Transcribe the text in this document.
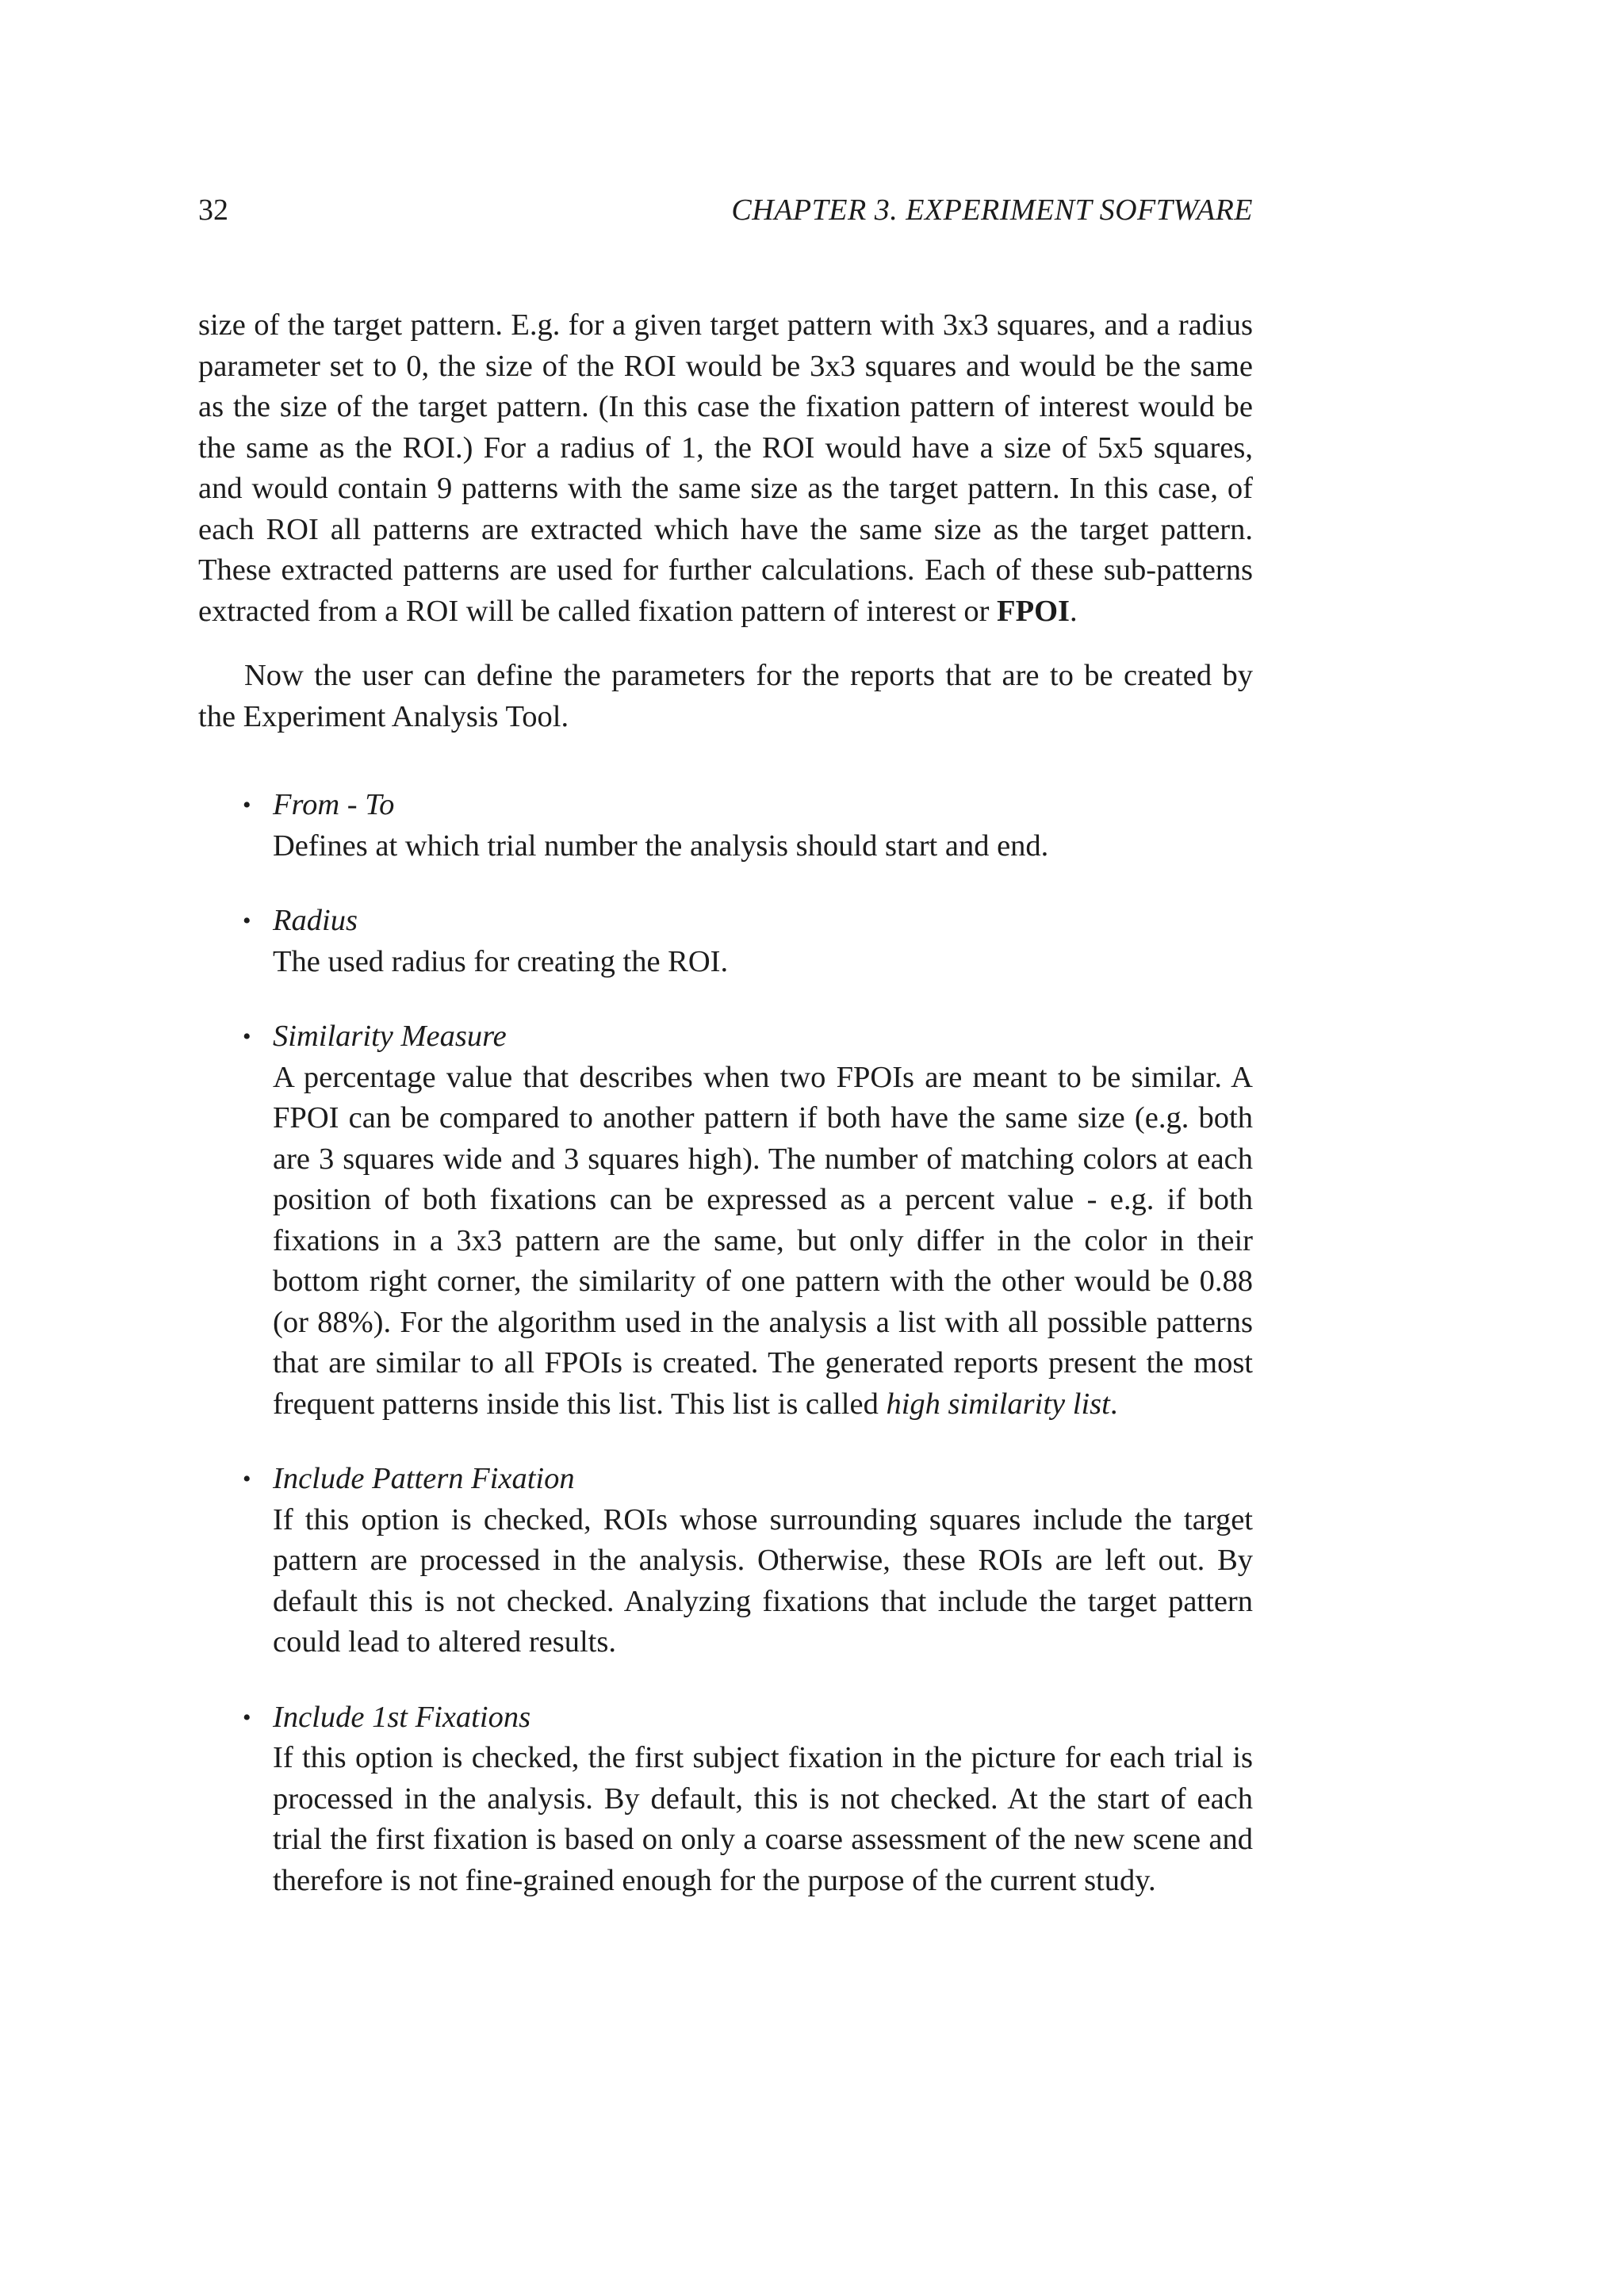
32	CHAPTER 3. EXPERIMENT SOFTWARE

size of the target pattern. E.g. for a given target pattern with 3x3 squares, and a radius parameter set to 0, the size of the ROI would be 3x3 squares and would be the same as the size of the target pattern. (In this case the fixation pattern of interest would be the same as the ROI.) For a radius of 1, the ROI would have a size of 5x5 squares, and would contain 9 patterns with the same size as the target pattern. In this case, of each ROI all patterns are extracted which have the same size as the target pattern. These extracted patterns are used for further calculations. Each of these sub-patterns extracted from a ROI will be called fixation pattern of interest or FPOI.

Now the user can define the parameters for the reports that are to be created by the Experiment Analysis Tool.

• From - To
Defines at which trial number the analysis should start and end.
• Radius
The used radius for creating the ROI.
• Similarity Measure
A percentage value that describes when two FPOIs are meant to be similar. A FPOI can be compared to another pattern if both have the same size (e.g. both are 3 squares wide and 3 squares high). The number of matching colors at each position of both fixations can be expressed as a percent value - e.g. if both fixations in a 3x3 pattern are the same, but only differ in the color in their bottom right corner, the similarity of one pattern with the other would be 0.88 (or 88%). For the algorithm used in the analysis a list with all possible patterns that are similar to all FPOIs is created. The generated reports present the most frequent patterns inside this list. This list is called high similarity list.
• Include Pattern Fixation
If this option is checked, ROIs whose surrounding squares include the target pattern are processed in the analysis. Otherwise, these ROIs are left out. By default this is not checked. Analyzing fixations that include the target pattern could lead to altered results.
• Include 1st Fixations
If this option is checked, the first subject fixation in the picture for each trial is processed in the analysis. By default, this is not checked. At the start of each trial the first fixation is based on only a coarse assessment of the new scene and therefore is not fine-grained enough for the purpose of the current study.
